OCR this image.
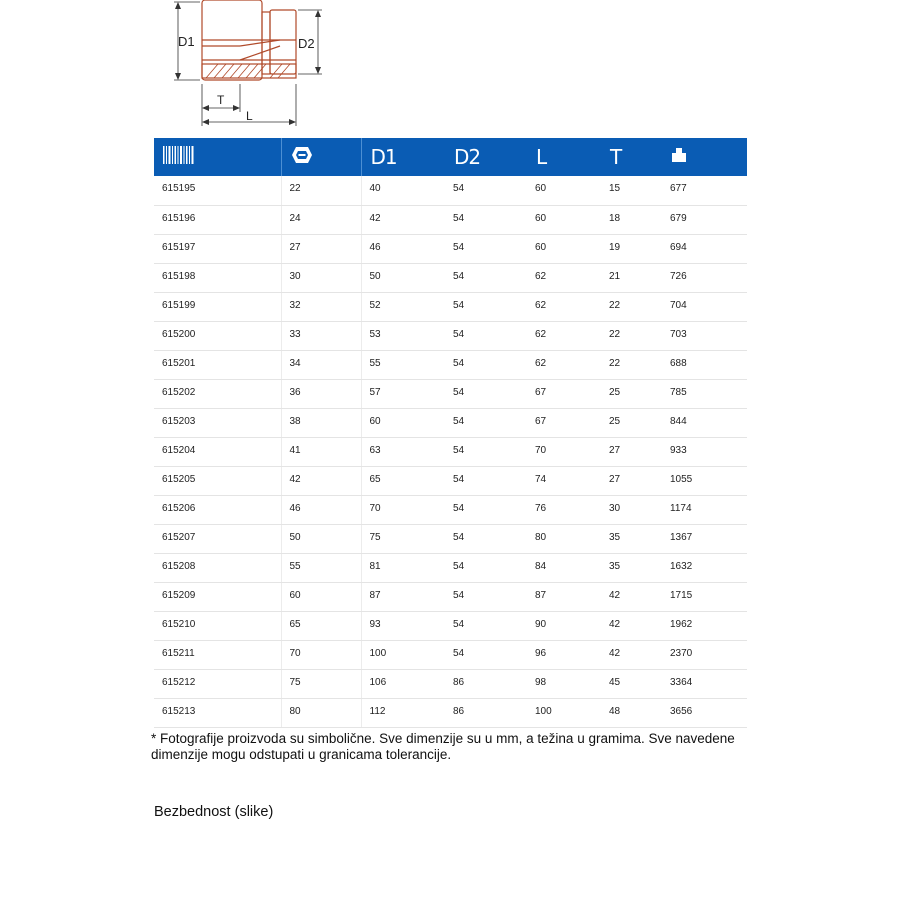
D1	D2
T
L
		D1	D2	L	T	
615195	22	40	54	60	15	677
615196	24	42	54	60	18	679
615197	27	46	54	60	19	694
615198	30	50	54	62	21	726
615199	32	52	54	62	22	704
615200	33	53	54	62	22	703
615201	34	55	54	62	22	688
615202	36	57	54	67	25	785
615203	38	60	54	67	25	844
615204	41	63	54	70	27	933
615205	42	65	54	74	27	1055
615206	46	70	54	76	30	1174
615207	50	75	54	80	35	1367
615208	55	81	54	84	35	1632
615209	60	87	54	87	42	1715
615210	65	93	54	90	42	1962
615211	70	100	54	96	42	2370
615212	75	106	86	98	45	3364
615213	80	112	86	100	48	3656
* Fotografije proizvoda su simbolične. Sve dimenzije su u mm, a težina u gramima. Sve navedene dimenzije mogu odstupati u granicama tolerancije.
Bezbednost (slike)
